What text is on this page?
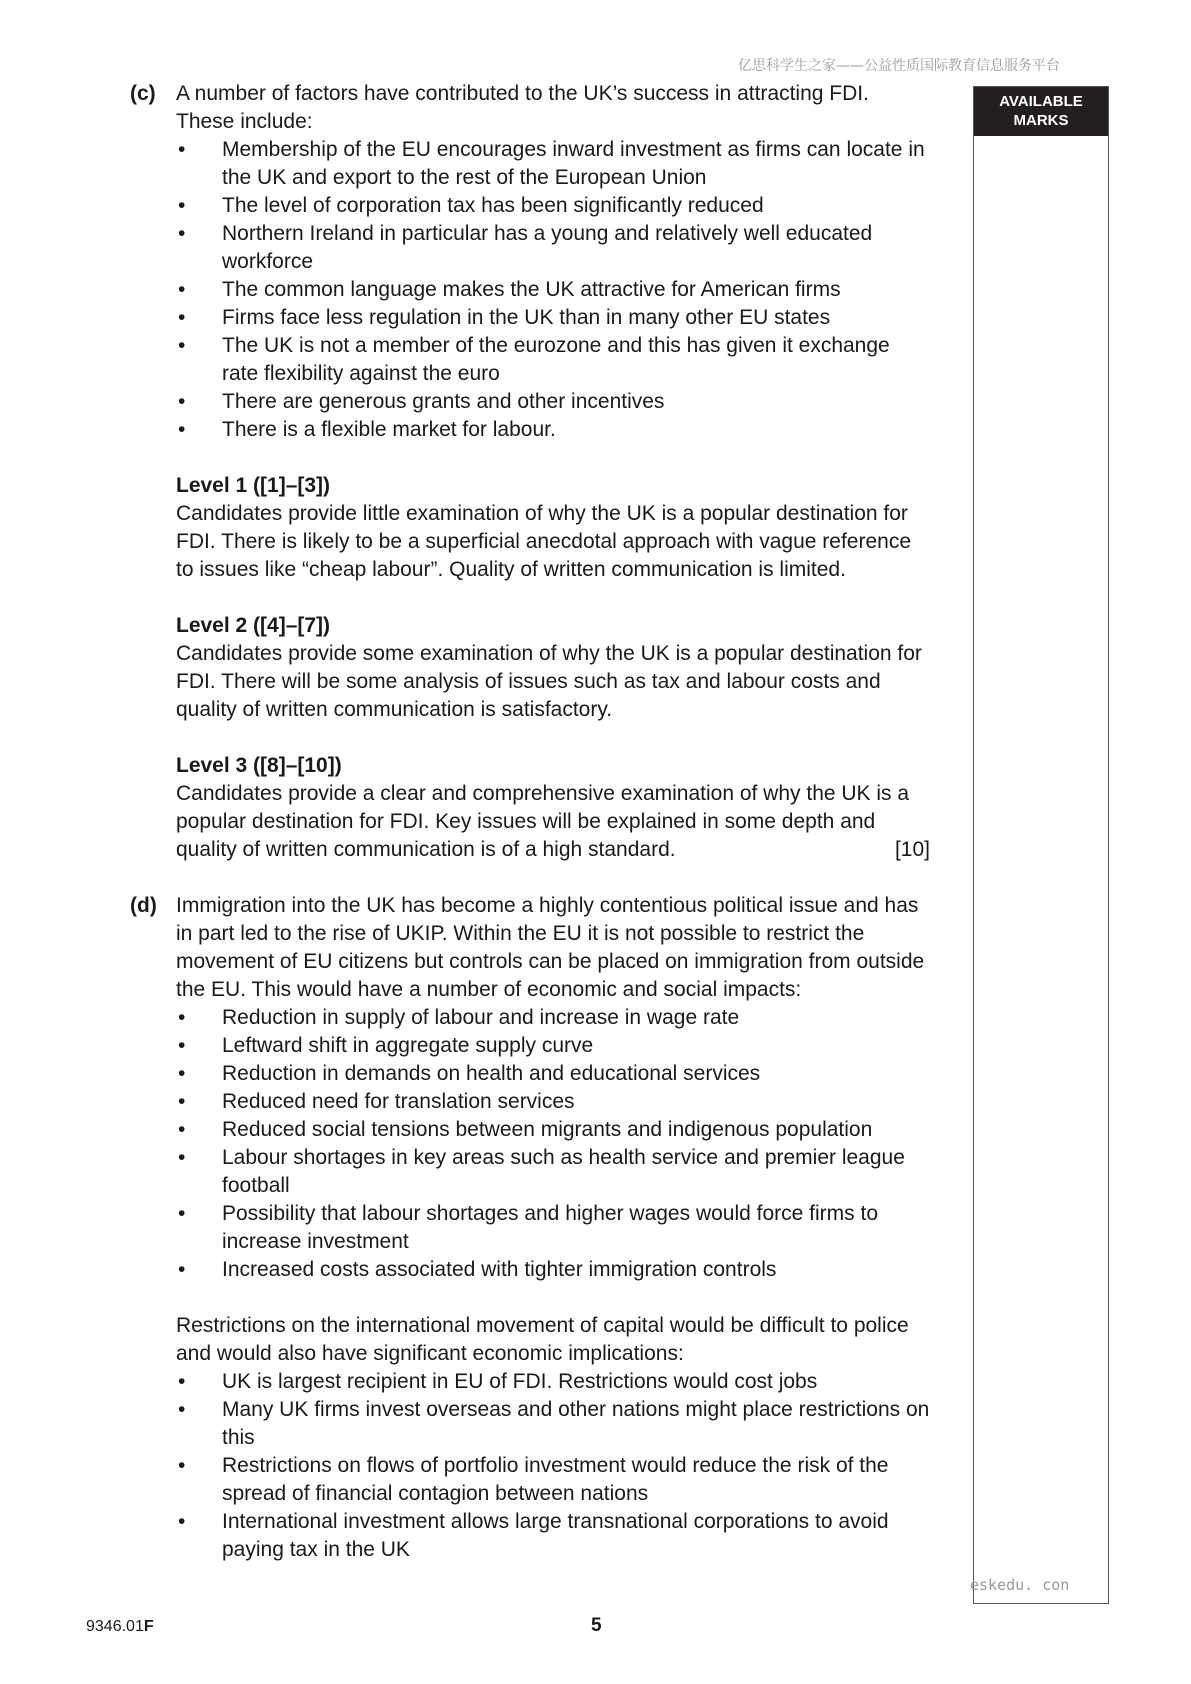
亿思科学生之家——公益性质国际教育信息服务平台
AVAILABLE
MARKS
(c) A number of factors have contributed to the UK’s success in attracting FDI. These include:
• Membership of the EU encourages inward investment as firms can locate in the UK and export to the rest of the European Union
• The level of corporation tax has been significantly reduced
• Northern Ireland in particular has a young and relatively well educated workforce
• The common language makes the UK attractive for American firms
• Firms face less regulation in the UK than in many other EU states
• The UK is not a member of the eurozone and this has given it exchange rate flexibility against the euro
• There are generous grants and other incentives
• There is a flexible market for labour.
Level 1 ([1]–[3])
Candidates provide little examination of why the UK is a popular destination for FDI. There is likely to be a superficial anecdotal approach with vague reference to issues like “cheap labour”. Quality of written communication is limited.
Level 2 ([4]–[7])
Candidates provide some examination of why the UK is a popular destination for FDI. There will be some analysis of issues such as tax and labour costs and quality of written communication is satisfactory.
Level 3 ([8]–[10])
Candidates provide a clear and comprehensive examination of why the UK is a popular destination for FDI. Key issues will be explained in some depth and quality of written communication is of a high standard.	[10]
(d) Immigration into the UK has become a highly contentious political issue and has in part led to the rise of UKIP. Within the EU it is not possible to restrict the movement of EU citizens but controls can be placed on immigration from outside the EU. This would have a number of economic and social impacts:
• Reduction in supply of labour and increase in wage rate
• Leftward shift in aggregate supply curve
• Reduction in demands on health and educational services
• Reduced need for translation services
• Reduced social tensions between migrants and indigenous population
• Labour shortages in key areas such as health service and premier league football
• Possibility that labour shortages and higher wages would force firms to increase investment
• Increased costs associated with tighter immigration controls
Restrictions on the international movement of capital would be difficult to police and would also have significant economic implications:
• UK is largest recipient in EU of FDI. Restrictions would cost jobs
• Many UK firms invest overseas and other nations might place restrictions on this
• Restrictions on flows of portfolio investment would reduce the risk of the spread of financial contagion between nations
• International investment allows large transnational corporations to avoid paying tax in the UK
eskedu. con
9346.01F	5
